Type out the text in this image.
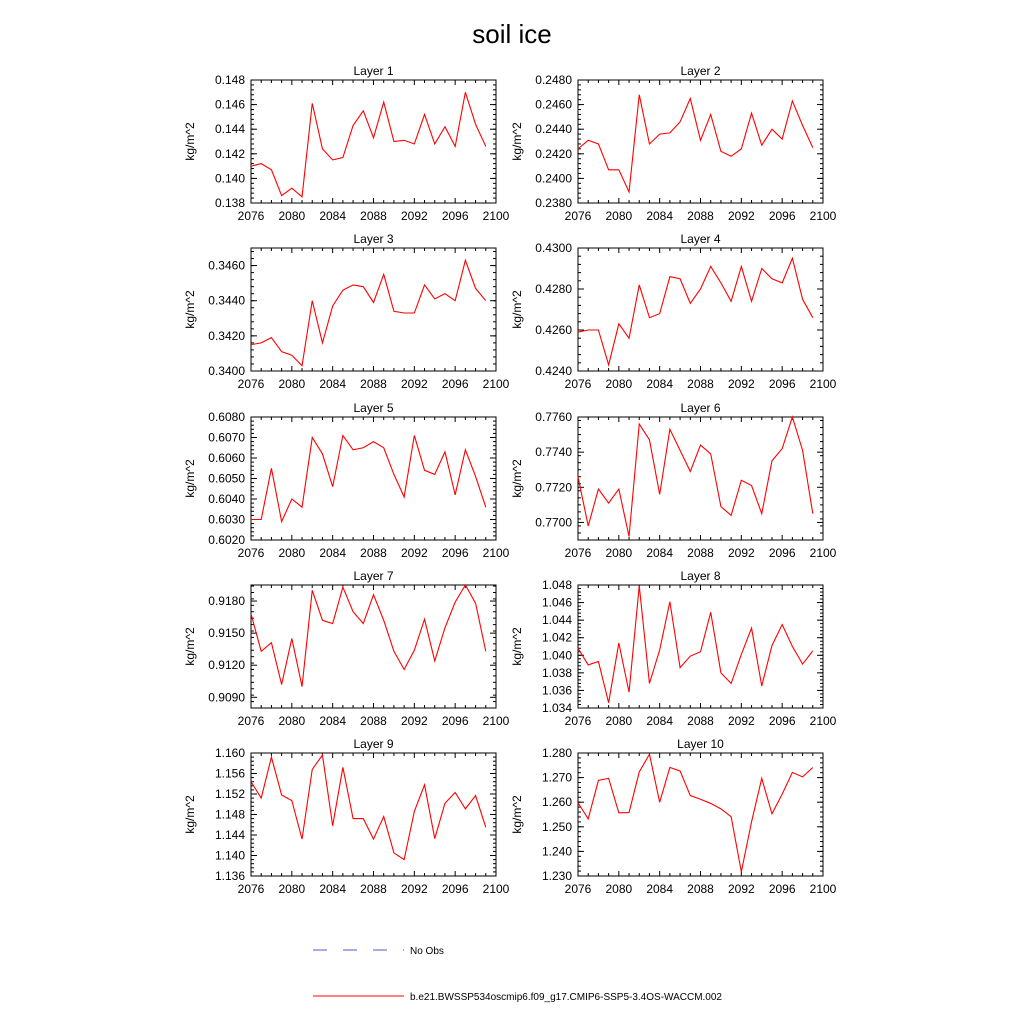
soil ice
Layer 1
kg/m^2
2076 2080 2084 2088 2092 2096 2100
0.138
0.140
0.142
0.144
0.146
0.148
Layer 2
kg/m^2
2076 2080 2084 2088 2092 2096 2100
0.2380
0.2400
0.2420
0.2440
0.2460
0.2480
Layer 3
kg/m^2
2076 2080 2084 2088 2092 2096 2100
0.3400
0.3420
0.3440
0.3460
Layer 4
kg/m^2
2076 2080 2084 2088 2092 2096 2100
0.4240
0.4260
0.4280
0.4300
Layer 5
kg/m^2
2076 2080 2084 2088 2092 2096 2100
0.6020
0.6030
0.6040
0.6050
0.6060
0.6070
0.6080
Layer 6
kg/m^2
2076 2080 2084 2088 2092 2096 2100
0.7700
0.7720
0.7740
0.7760
Layer 7
kg/m^2
2076 2080 2084 2088 2092 2096 2100
0.9090
0.9120
0.9150
0.9180
Layer 8
kg/m^2
2076 2080 2084 2088 2092 2096 2100
1.034
1.036
1.038
1.040
1.042
1.044
1.046
1.048
Layer 9
kg/m^2
2076 2080 2084 2088 2092 2096 2100
1.136
1.140
1.144
1.148
1.152
1.156
1.160
Layer 10
kg/m^2
2076 2080 2084 2088 2092 2096 2100
1.230
1.240
1.250
1.260
1.270
1.280
No Obs
b.e21.BWSSP534oscmip6.f09_g17.CMIP6-SSP5-3.4OS-WACCM.002
